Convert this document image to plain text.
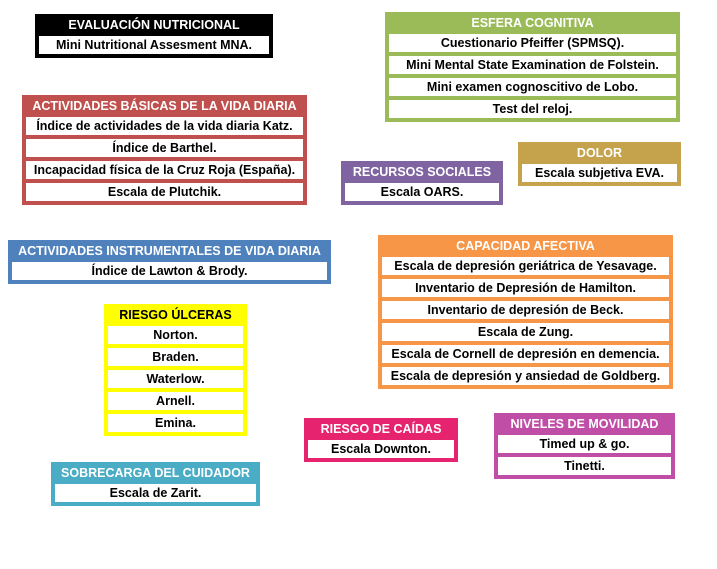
EVALUACIÓN NUTRICIONAL
Mini Nutritional Assesment MNA.
ESFERA COGNITIVA
Cuestionario Pfeiffer (SPMSQ).
Mini Mental State Examination de Folstein.
Mini examen cognoscitivo de Lobo.
Test del reloj.
ACTIVIDADES BÁSICAS DE LA VIDA DIARIA
Índice de actividades de la vida diaria Katz.
Índice de Barthel.
Incapacidad física de la Cruz Roja (España).
Escala de Plutchik.
RECURSOS SOCIALES
Escala OARS.
DOLOR
Escala subjetiva EVA.
ACTIVIDADES INSTRUMENTALES DE VIDA DIARIA
Índice de Lawton & Brody.
CAPACIDAD AFECTIVA
Escala de depresión geriátrica de Yesavage.
Inventario de Depresión de Hamilton.
Inventario de depresión de Beck.
Escala de Zung.
Escala de Cornell de depresión en demencia.
Escala de depresión y ansiedad de Goldberg.
RIESGO ÚLCERAS
Norton.
Braden.
Waterlow.
Arnell.
Emina.	RIESGO DE CAÍDAS
Escala Downton.
NIVELES DE MOVILIDAD
Timed up & go.
Tinetti.
SOBRECARGA DEL CUIDADOR
Escala de Zarit.
